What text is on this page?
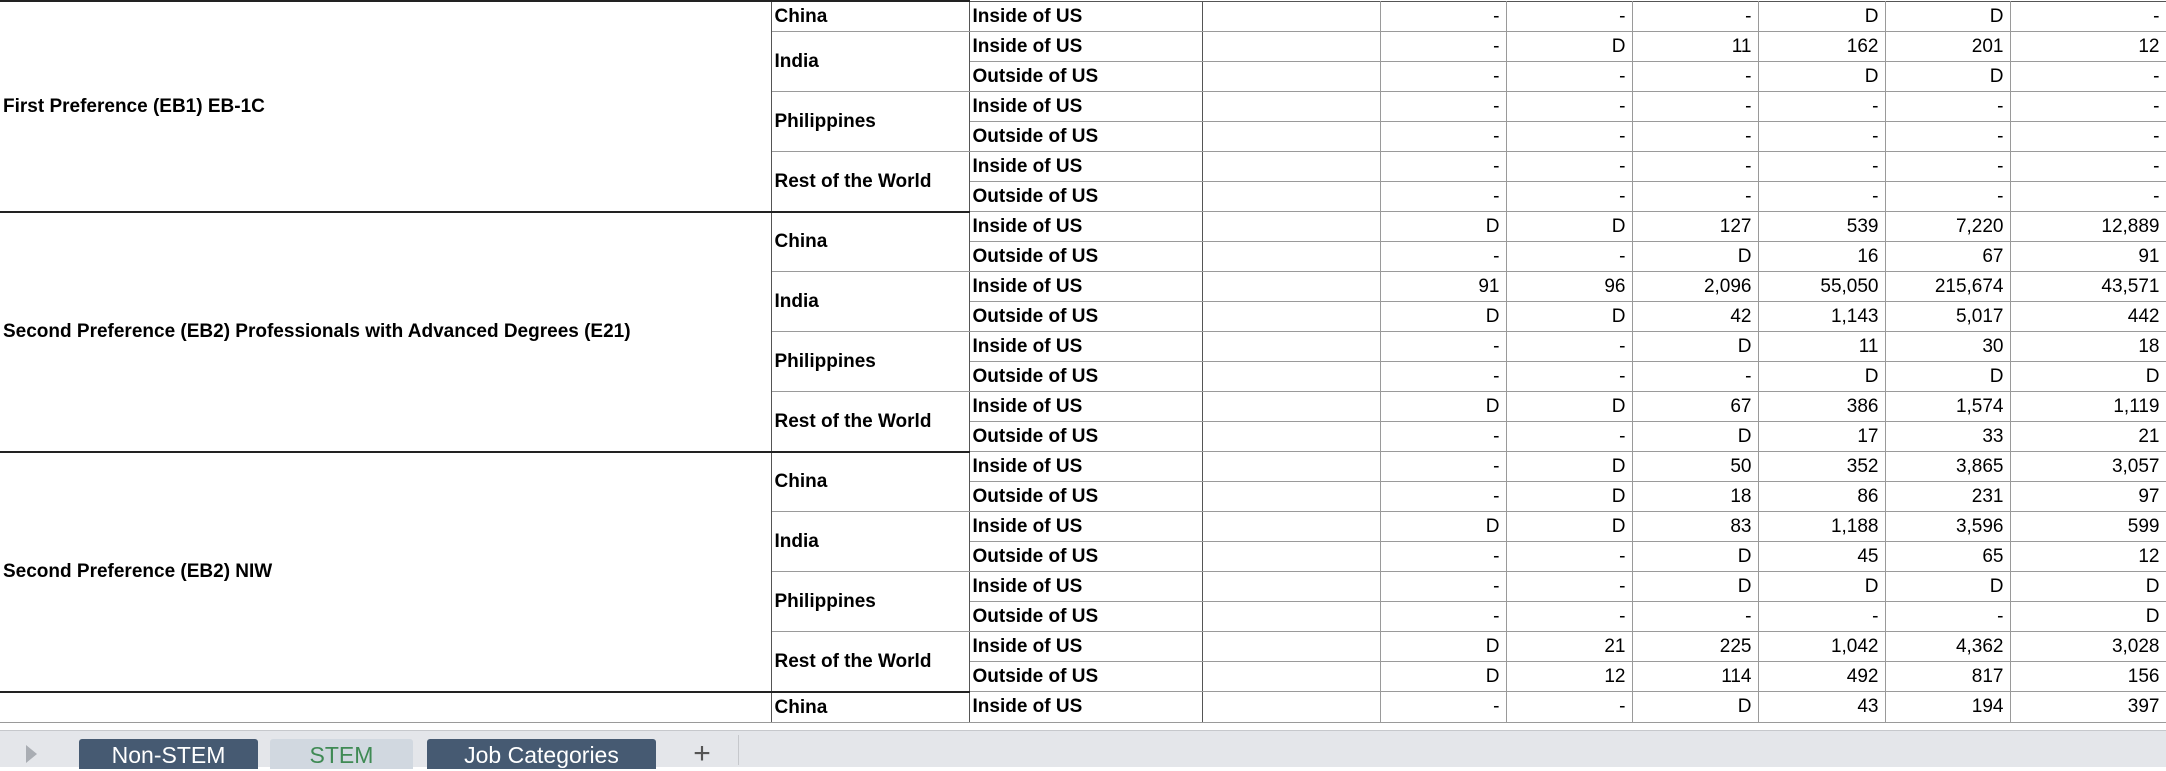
First Preference (EB1) EB-1C	China	Inside of US		-	-	-	D	D	-	
	India	Inside of US		-	D	11	162	201	12	
		Outside of US		-	-	-	D	D	-	
	Philippines	Inside of US		-	-	-	-	-	-	
		Outside of US		-	-	-	-	-	-	
	Rest of the World	Inside of US		-	-	-	-	-	-	
		Outside of US		-	-	-	-	-	-	
Second Preference (EB2) Professionals with Advanced Degrees (E21)	China	Inside of US		D	D	127	539	7,220	12,889	
		Outside of US		-	-	D	16	67	91	
	India	Inside of US		91	96	2,096	55,050	215,674	43,571	
		Outside of US		D	D	42	1,143	5,017	442	
	Philippines	Inside of US		-	-	D	11	30	18	
		Outside of US		-	-	-	D	D	D	
	Rest of the World	Inside of US		D	D	67	386	1,574	1,119	
		Outside of US		-	-	D	17	33	21	
Second Preference (EB2) NIW	China	Inside of US		-	D	50	352	3,865	3,057	
		Outside of US		-	D	18	86	231	97	
	India	Inside of US		D	D	83	1,188	3,596	599	
		Outside of US		-	-	D	45	65	12	
	Philippines	Inside of US		-	-	D	D	D	D	
		Outside of US		-	-	-	-	-	D	
	Rest of the World	Inside of US		D	21	225	1,042	4,362	3,028	
		Outside of US		D	12	114	492	817	156	
	China	Inside of US		-	-	D	43	194	397	
Non-STEM	STEM	Job Categories	+
